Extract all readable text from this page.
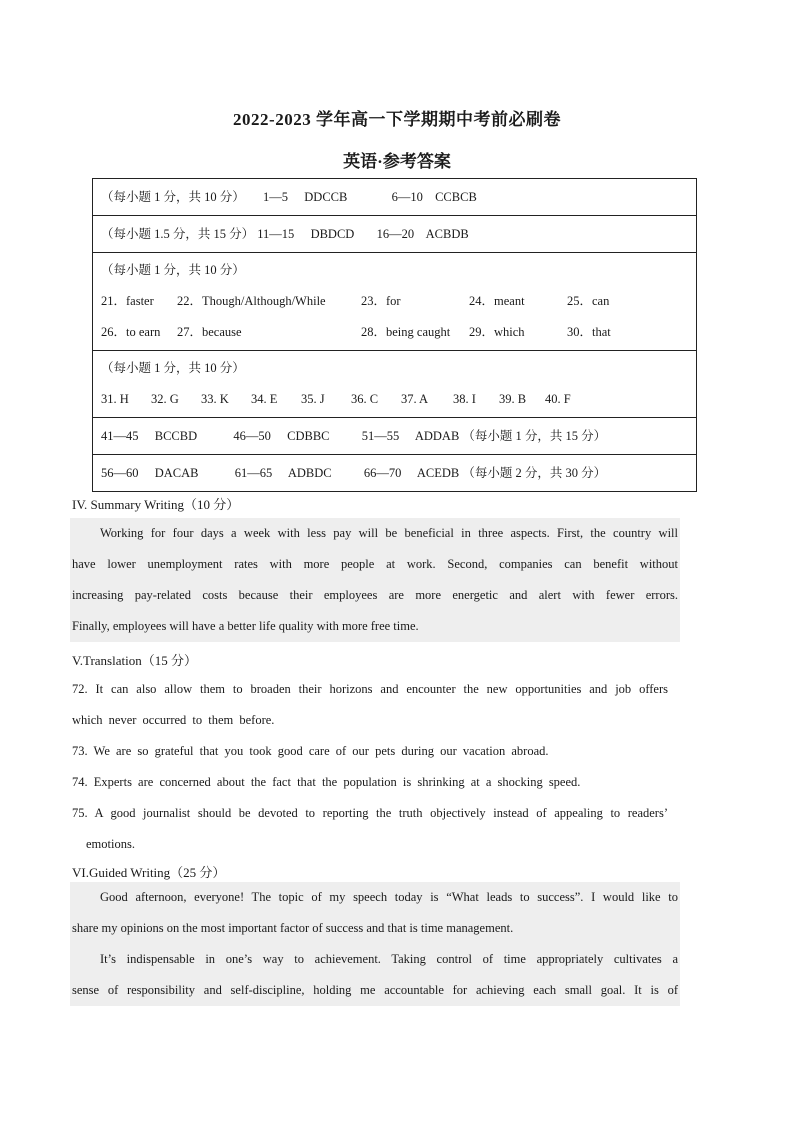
2022-2023 学年高一下学期期中考前必刷卷
英语·参考答案
（每小题 1 分，共 10 分） 1—5 DDCCB	6—10 CCBCB
（每小题 1.5 分，共 15 分） 11—15 DBDCD 16—20 ACBDB

（每小题 1 分，共 10 分）
21．faster 22．Though/Although/While	23．for	24．meant	25．can
26．to earn 27．because	28．being caught 29．which	30．that

（每小题 1 分，共 10 分）
31. H 32. G 33. K 34. E 35. J 36. C 37. A 38. I 39. B 40. F

41—45 BCCBD	46—50 CDBBC	51—55 ADDAB （每小题 1 分，共 15 分）
56—60 DACAB	61—65 ADBDC	66—70 ACEDB （每小题 2 分，共 30 分）
IV. Summary Writing（10 分）

Working for four days a week with less pay will be beneficial in three aspects. First, the country will

have lower unemployment rates with more people at work. Second, companies can benefit without

increasing pay-related costs because their employees are more energetic and alert with fewer errors.

Finally, employees will have a better life quality with more free time.

V.Translation（15 分）

72. It can also allow them to broaden their horizons and encounter the new opportunities and job offers which never occurred to them before.

73. We are so grateful that you took good care of our pets during our vacation abroad.

74. Experts are concerned about the fact that the population is shrinking at a shocking speed.

75. A good journalist should be devoted to reporting the truth objectively instead of appealing to readers’ emotions.

VI.Guided Writing（25 分）

Good afternoon, everyone! The topic of my speech today is “What leads to success”. I would like to

share my opinions on the most important factor of success and that is time management.

It’s indispensable in one’s way to achievement. Taking control of time appropriately cultivates a

sense of responsibility and self-discipline, holding me accountable for achieving each small goal. It is of
